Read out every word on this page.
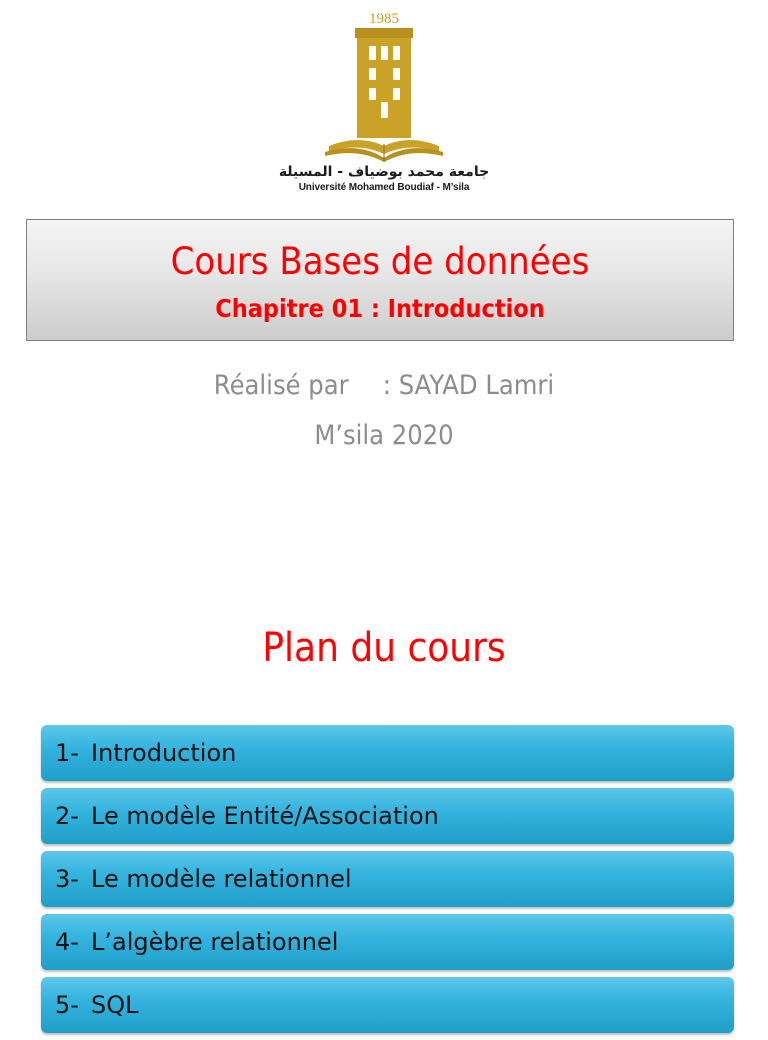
1985
جامعة محمد بوضياف - المسيلة
Université Mohamed Boudiaf - M’sila
Cours Bases de données
Chapitre 01 : Introduction
Réalisé par : SAYAD Lamri
M’sila 2020
Plan du cours
1- Introduction
2- Le modèle Entité/Association
3- Le modèle relationnel
4- L’algèbre relationnel
5- SQL
